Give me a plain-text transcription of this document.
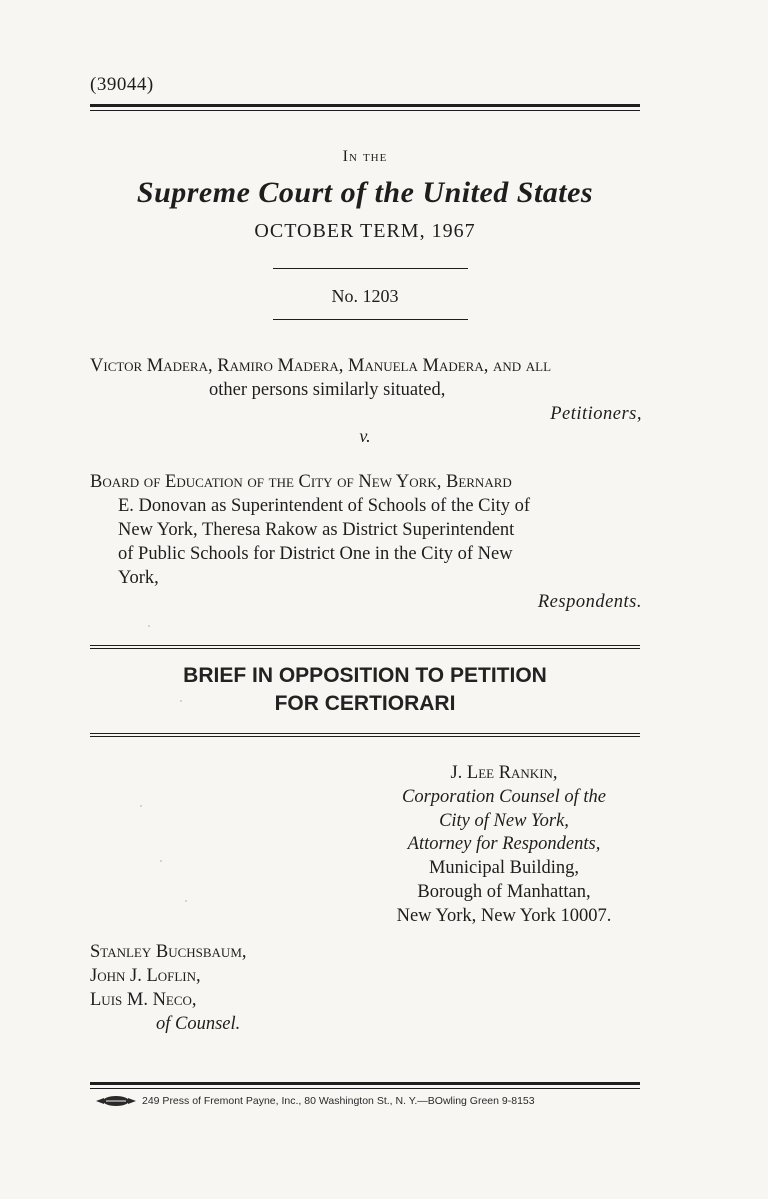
(39044)
In the
Supreme Court of the United States
OCTOBER TERM, 1967
No. 1203
Victor Madera, Ramiro Madera, Manuela Madera, and all
other persons similarly situated,
Petitioners,
v.
Board of Education of the City of New York, Bernard
E. Donovan as Superintendent of Schools of the City of
New York, Theresa Rakow as District Superintendent
of Public Schools for District One in the City of New
York,
Respondents.
BRIEF IN OPPOSITION TO PETITION
FOR CERTIORARI
J. Lee Rankin,
Corporation Counsel of the
City of New York,
Attorney for Respondents,
Municipal Building,
Borough of Manhattan,
New York, New York 10007.
Stanley Buchsbaum,
John J. Loflin,
Luis M. Neco,
of Counsel.
249 Press of Fremont Payne, Inc., 80 Washington St., N. Y.—BOwling Green 9-8153
